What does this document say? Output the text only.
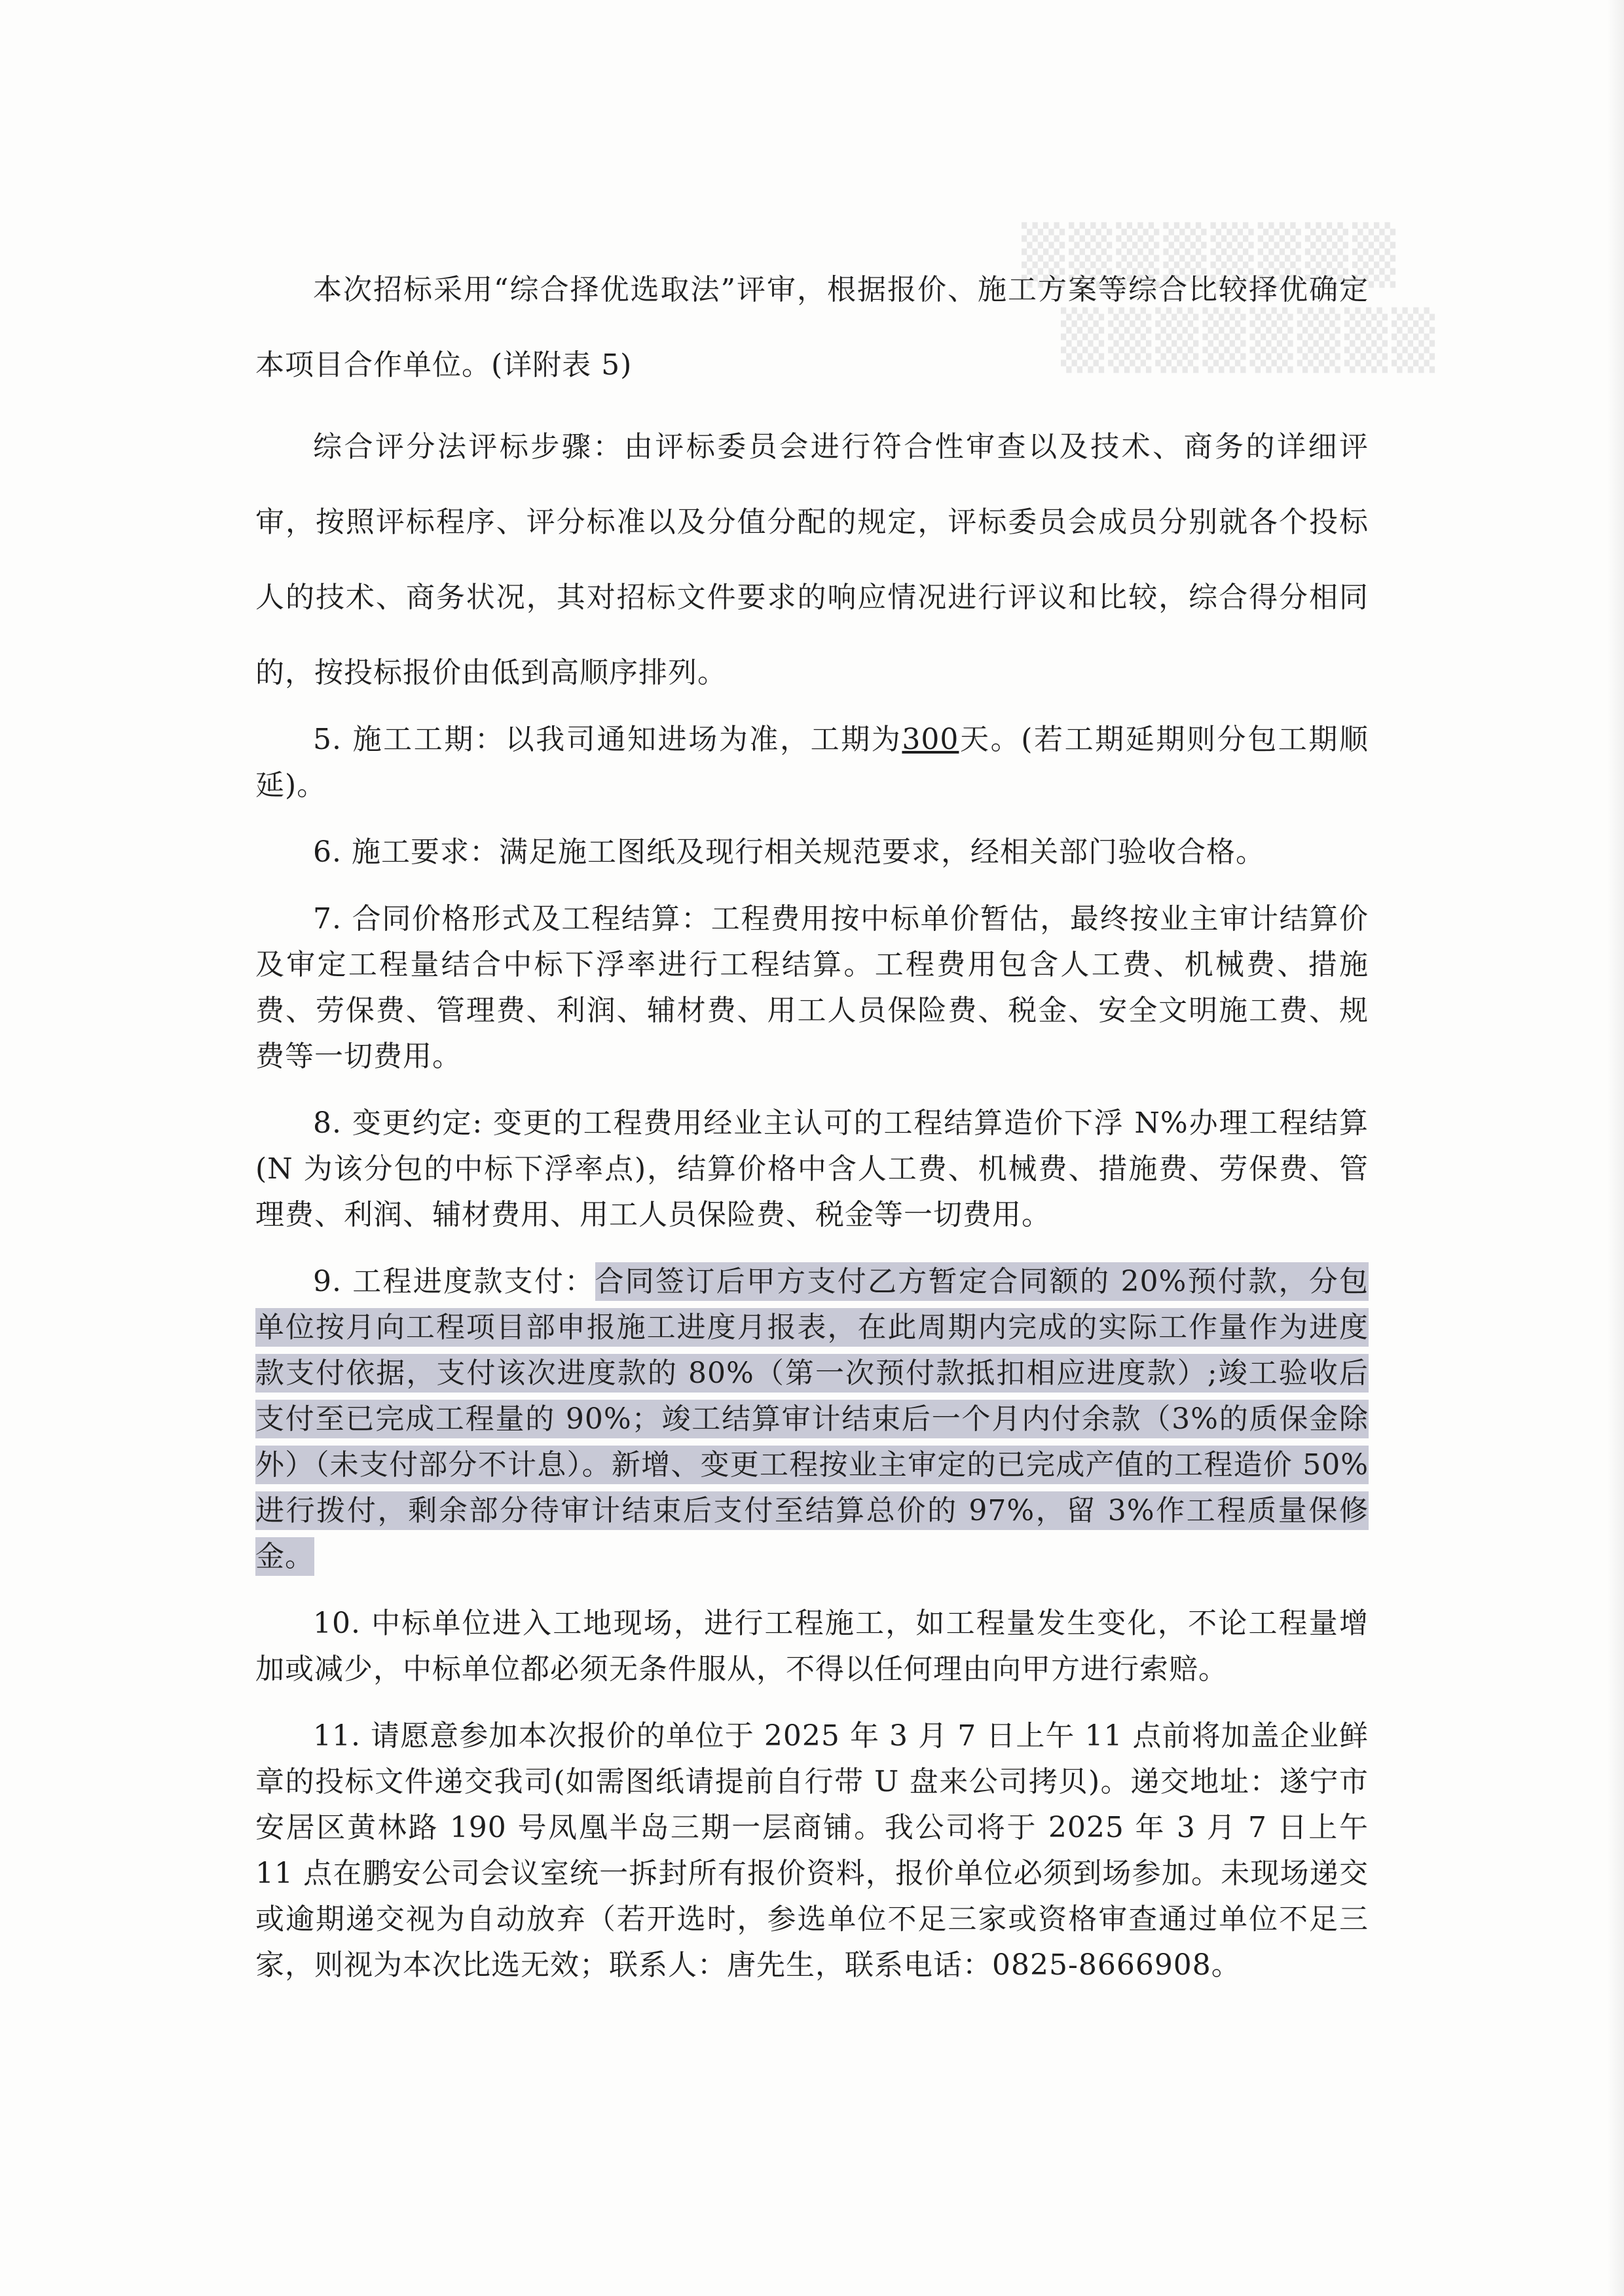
▒▒▒▒▒▒▒▒
▒▒▒▒▒▒▒▒

本次招标采用“综合择优选取法”评审，根据报价、施工方案等综合比较择优确定本项目合作单位。(详附表 5)

综合评分法评标步骤：由评标委员会进行符合性审查以及技术、商务的详细评审，按照评标程序、评分标准以及分值分配的规定，评标委员会成员分别就各个投标人的技术、商务状况，其对招标文件要求的响应情况进行评议和比较，综合得分相同的，按投标报价由低到高顺序排列。

5. 施工工期：以我司通知进场为准，工期为300天。(若工期延期则分包工期顺延)。

6. 施工要求：满足施工图纸及现行相关规范要求，经相关部门验收合格。

7. 合同价格形式及工程结算：工程费用按中标单价暂估，最终按业主审计结算价及审定工程量结合中标下浮率进行工程结算。工程费用包含人工费、机械费、措施费、劳保费、管理费、利润、辅材费、用工人员保险费、税金、安全文明施工费、规费等一切费用。

8. 变更约定: 变更的工程费用经业主认可的工程结算造价下浮 N%办理工程结算 (N 为该分包的中标下浮率点)，结算价格中含人工费、机械费、措施费、劳保费、管理费、利润、辅材费用、用工人员保险费、税金等一切费用。

9. 工程进度款支付：合同签订后甲方支付乙方暂定合同额的 20%预付款，分包单位按月向工程项目部申报施工进度月报表，在此周期内完成的实际工作量作为进度款支付依据，支付该次进度款的 80%（第一次预付款抵扣相应进度款）;竣工验收后支付至已完成工程量的 90%；竣工结算审计结束后一个月内付余款（3%的质保金除外）（未支付部分不计息）。新增、变更工程按业主审定的已完成产值的工程造价 50%进行拨付，剩余部分待审计结束后支付至结算总价的 97%，留 3%作工程质量保修金。

10. 中标单位进入工地现场，进行工程施工，如工程量发生变化，不论工程量增加或减少，中标单位都必须无条件服从，不得以任何理由向甲方进行索赔。

11. 请愿意参加本次报价的单位于 2025 年 3 月 7 日上午 11 点前将加盖企业鲜章的投标文件递交我司(如需图纸请提前自行带 U 盘来公司拷贝)。递交地址：遂宁市安居区黄林路 190 号凤凰半岛三期一层商铺。我公司将于 2025 年 3 月 7 日上午 11 点在鹏安公司会议室统一拆封所有报价资料，报价单位必须到场参加。未现场递交或逾期递交视为自动放弃（若开选时，参选单位不足三家或资格审查通过单位不足三家，则视为本次比选无效；联系人：唐先生，联系电话：0825-8666908。
